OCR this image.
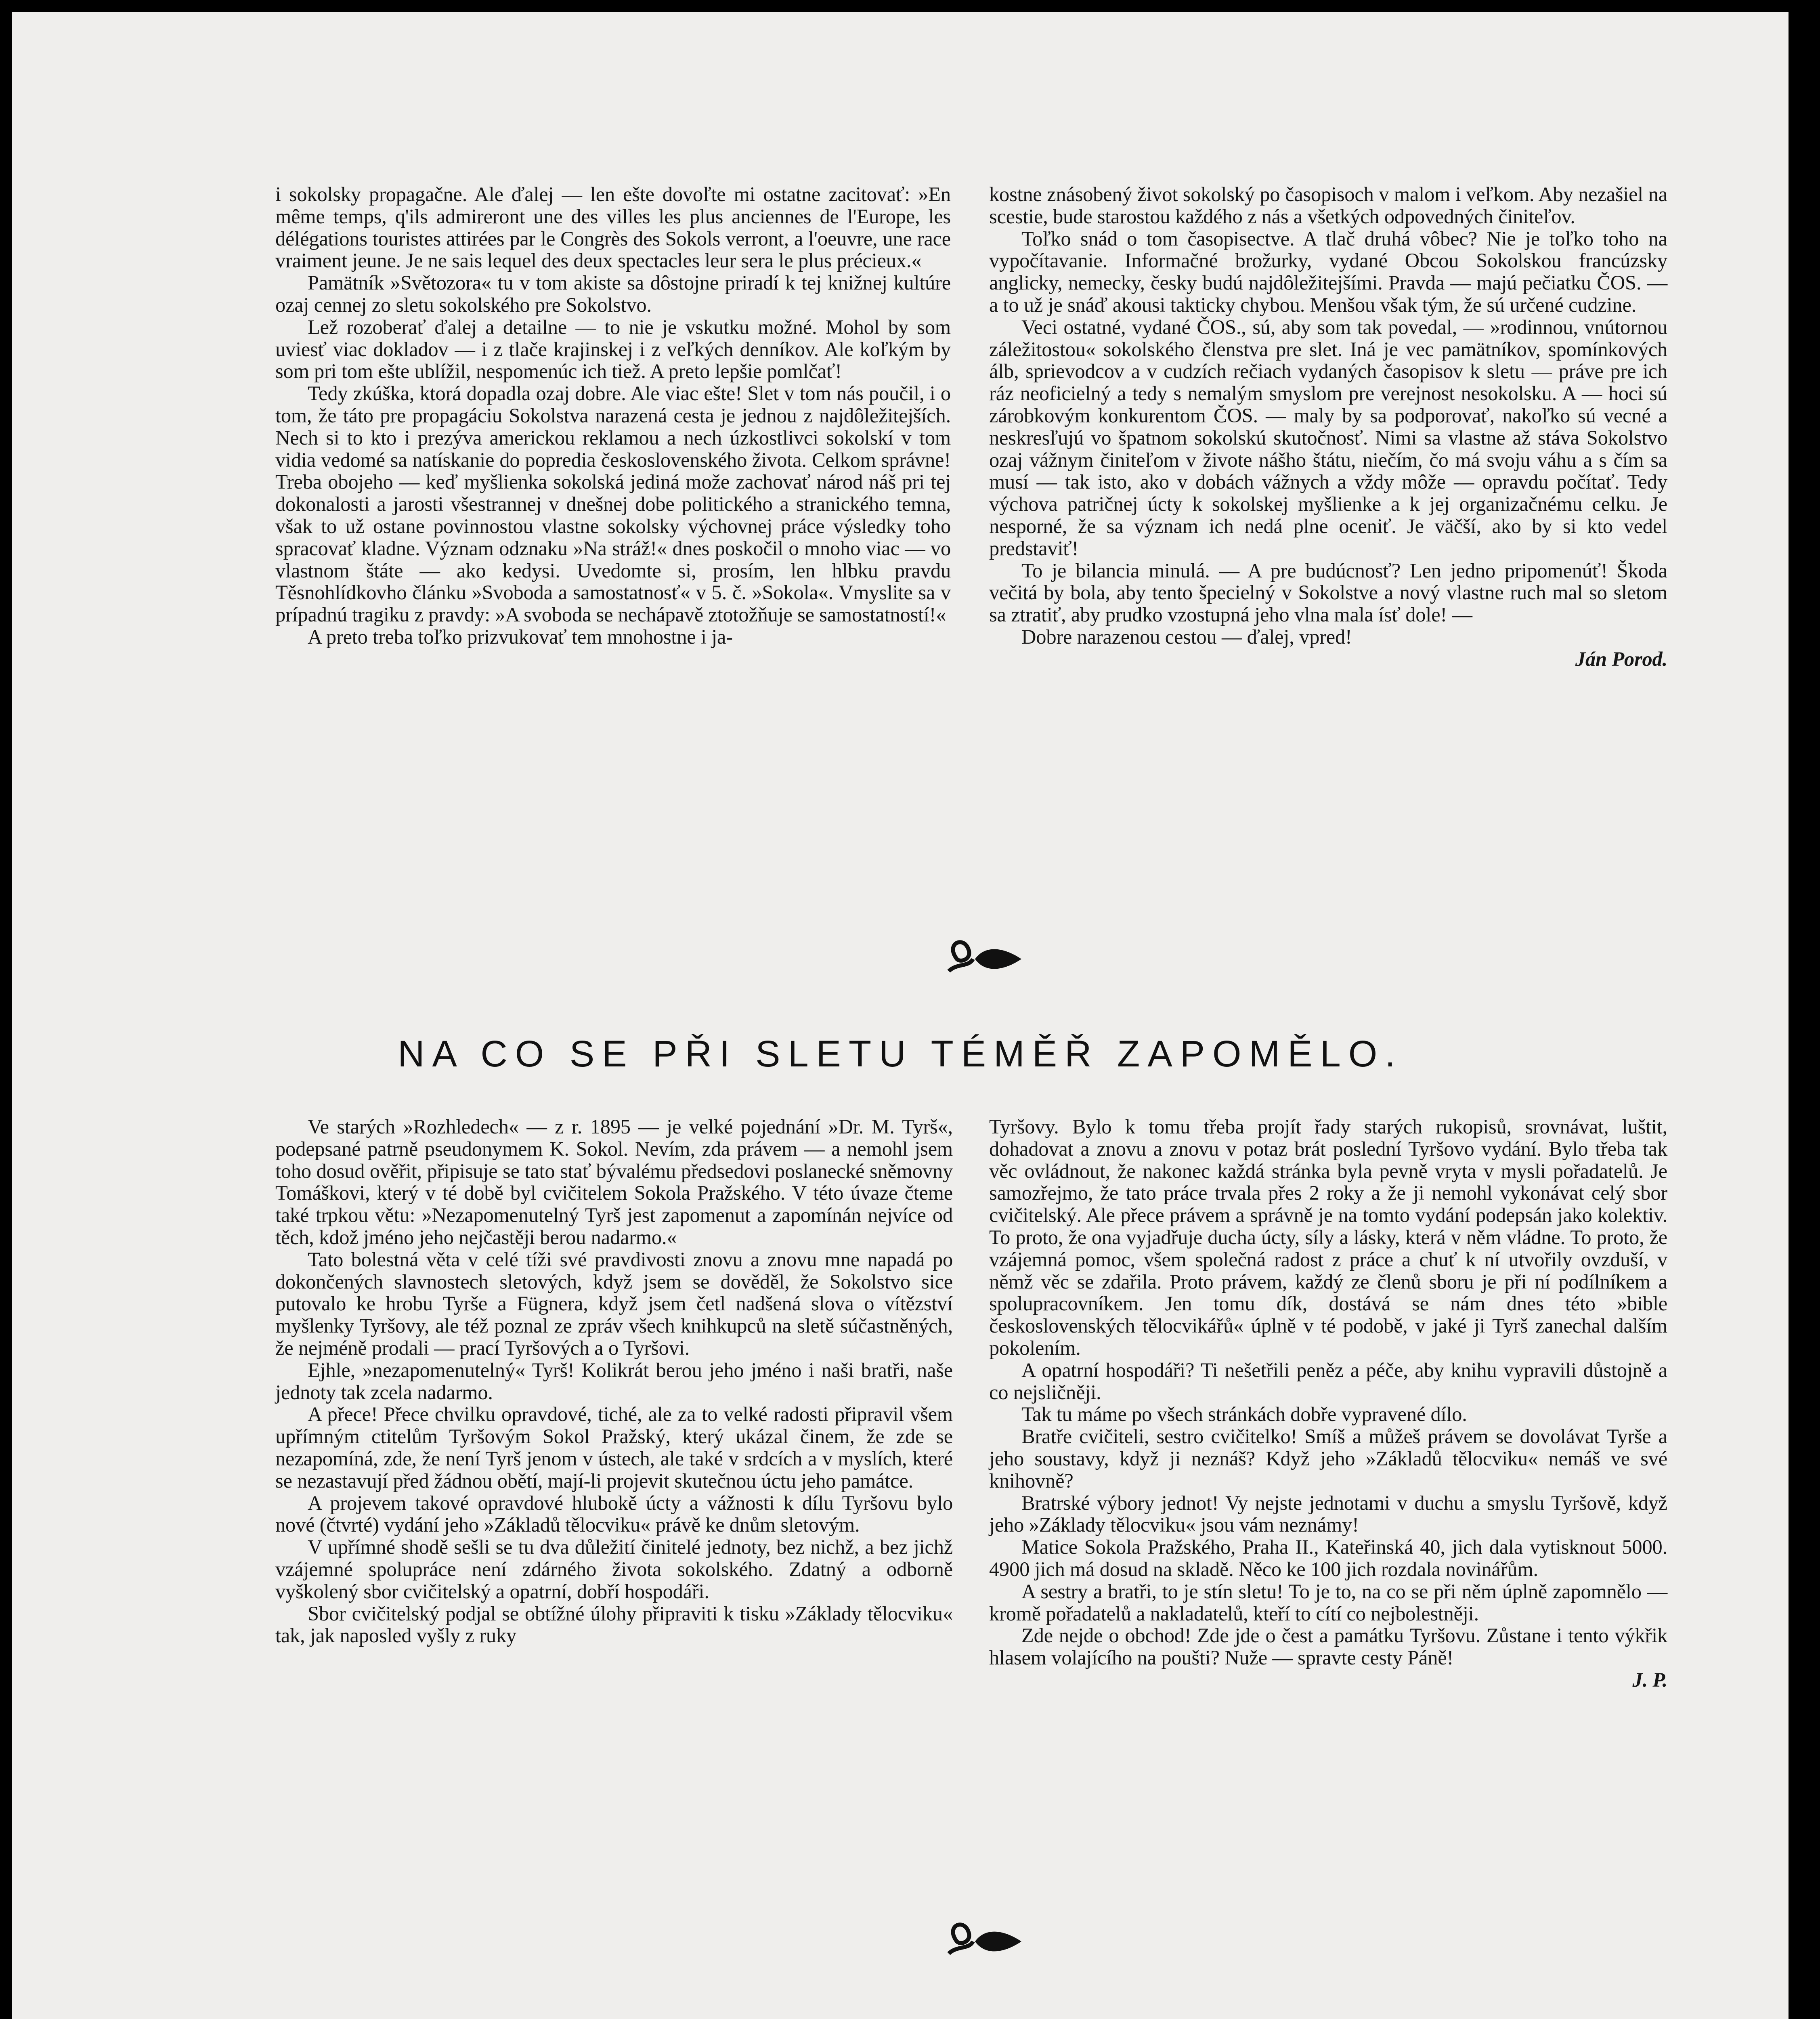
i sokolsky propagačne. Ale ďalej — len ešte dovoľte mi ostatne zacitovať: »En même temps, q'ils admireront une des villes les plus anciennes de l'Europe, les délégations touristes attirées par le Congrès des Sokols verront, a l'oeuvre, une race vraiment jeune. Je ne sais lequel des deux spectacles leur sera le plus précieux.«

Pamätník »Světozora« tu v tom akiste sa dôstojne priradí k tej knižnej kultúre ozaj cennej zo sletu sokolského pre Sokolstvo.

Lež rozoberať ďalej a detailne — to nie je vskutku možné. Mohol by som uviesť viac dokladov — i z tlače krajinskej i z veľkých denníkov. Ale koľkým by som pri tom ešte ublížil, nespomenúc ich tiež. A preto lepšie pomlčať!

Tedy zkúška, ktorá dopadla ozaj dobre. Ale viac ešte! Slet v tom nás poučil, i o tom, že táto pre propagáciu Sokolstva narazená cesta je jednou z najdôležitejších. Nech si to kto i prezýva americkou reklamou a nech úzkostlivci sokolskí v tom vidia vedomé sa natískanie do popredia československého života. Celkom správne! Treba obojeho — keď myšlienka sokolská jediná može zachovať národ náš pri tej dokonalosti a jarosti všestrannej v dnešnej dobe politického a stranického temna, však to už ostane povinnostou vlastne sokolsky výchovnej práce výsledky toho spracovať kladne. Význam odznaku »Na stráž!« dnes poskočil o mnoho viac — vo vlastnom štáte — ako kedysi. Uvedomte si, prosím, len hlbku pravdu Těsnohlídkovho článku »Svoboda a samostatnosť« v 5. č. »Sokola«. Vmyslite sa v prípadnú tragiku z pravdy: »A svoboda se nechápavě ztotožňuje se samostatností!«

A preto treba toľko prizvukovať tem mnohostne i ja-

kostne znásobený život sokolský po časopisoch v malom i veľkom. Aby nezašiel na scestie, bude starostou každého z nás a všetkých odpovedných činiteľov.

Toľko snád o tom časopisectve. A tlač druhá vôbec? Nie je toľko toho na vypočítavanie. Informačné brožurky, vydané Obcou Sokolskou francúzsky anglicky, nemecky, česky budú najdôležitejšími. Pravda — majú pečiatku ČOS. — a to už je snáď akousi takticky chybou. Menšou však tým, že sú určené cudzine.

Veci ostatné, vydané ČOS., sú, aby som tak povedal, — »rodinnou, vnútornou záležitostou« sokolského členstva pre slet. Iná je vec pamätníkov, spomínkových álb, sprievodcov a v cudzích rečiach vydaných časopisov k sletu — práve pre ich ráz neoficielný a tedy s nemalým smyslom pre verejnost nesokolsku. A — hoci sú zárobkovým konkurentom ČOS. — maly by sa podporovať, nakoľko sú vecné a neskresľujú vo špatnom sokolskú skutočnosť. Nimi sa vlastne až stáva Sokolstvo ozaj vážnym činiteľom v živote nášho štátu, niečím, čo má svoju váhu a s čím sa musí — tak isto, ako v dobách vážnych a vždy môže — opravdu počítať. Tedy výchova patričnej úcty k sokolskej myšlienke a k jej organizačnému celku. Je nesporné, že sa význam ich nedá plne oceniť. Je väčší, ako by si kto vedel predstaviť!

To je bilancia minulá. — A pre budúcnosť? Len jedno pripomenúť! Škoda večitá by bola, aby tento špecielný v Sokolstve a nový vlastne ruch mal so sletom sa ztratiť, aby prudko vzostupná jeho vlna mala ísť dole! —

Dobre narazenou cestou — ďalej, vpred!

Ján Porod.

NA CO SE PŘI SLETU TÉMĚŘ ZAPOMĚLO.

Ve starých »Rozhledech« — z r. 1895 — je velké pojednání »Dr. M. Tyrš«, podepsané patrně pseudonymem K. Sokol. Nevím, zda právem — a nemohl jsem toho dosud ověřit, připisuje se tato stať bývalému předsedovi poslanecké sněmovny Tomáškovi, který v té době byl cvičitelem Sokola Pražského. V této úvaze čteme také trpkou větu: »Nezapomenutelný Tyrš jest zapomenut a zapomínán nejvíce od těch, kdož jméno jeho nejčastěji berou nadarmo.«

Tato bolestná věta v celé tíži své pravdivosti znovu a znovu mne napadá po dokončených slavnostech sletových, když jsem se dověděl, že Sokolstvo sice putovalo ke hrobu Tyrše a Fügnera, když jsem četl nadšená slova o vítězství myšlenky Tyršovy, ale též poznal ze zpráv všech knihkupců na sletě súčastněných, že nejméně prodali — prací Tyršových a o Tyršovi.

Ejhle, »nezapomenutelný« Tyrš! Kolikrát berou jeho jméno i naši bratři, naše jednoty tak zcela nadarmo.

A přece! Přece chvilku opravdové, tiché, ale za to velké radosti připravil všem upřímným ctitelům Tyršovým Sokol Pražský, který ukázal činem, že zde se nezapomíná, zde, že není Tyrš jenom v ústech, ale také v srdcích a v myslích, které se nezastavují před žádnou obětí, mají-li projevit skutečnou úctu jeho památce.

A projevem takové opravdové hlubokě úcty a vážnosti k dílu Tyršovu bylo nové (čtvrté) vydání jeho »Základů tělocviku« právě ke dnům sletovým.

V upřímné shodě sešli se tu dva důležití činitelé jednoty, bez nichž, a bez jichž vzájemné spolupráce není zdárného života sokolského. Zdatný a odborně vyškolený sbor cvičitelský a opatrní, dobří hospodáři.

Sbor cvičitelský podjal se obtížné úlohy připraviti k tisku »Základy tělocviku« tak, jak naposled vyšly z ruky

Tyršovy. Bylo k tomu třeba projít řady starých rukopisů, srovnávat, luštit, dohadovat a znovu a znovu v potaz brát poslední Tyršovo vydání. Bylo třeba tak věc ovládnout, že nakonec každá stránka byla pevně vryta v mysli pořadatelů. Je samozřejmo, že tato práce trvala přes 2 roky a že ji nemohl vykonávat celý sbor cvičitelský. Ale přece právem a správně je na tomto vydání podepsán jako kolektiv. To proto, že ona vyjadřuje ducha úcty, síly a lásky, která v něm vládne. To proto, že vzájemná pomoc, všem společná radost z práce a chuť k ní utvořily ovzduší, v němž věc se zdařila. Proto právem, každý ze členů sboru je při ní podílníkem a spolupracovníkem. Jen tomu dík, dostává se nám dnes této »bible československých tělocvikářů« úplně v té podobě, v jaké ji Tyrš zanechal dalším pokolením.

A opatrní hospodáři? Ti nešetřili peněz a péče, aby knihu vypravili důstojně a co nejsličněji.

Tak tu máme po všech stránkách dobře vypravené dílo.

Bratře cvičiteli, sestro cvičitelko! Smíš a můžeš právem se dovolávat Tyrše a jeho soustavy, když ji neznáš? Když jeho »Základů tělocviku« nemáš ve své knihovně?

Bratrské výbory jednot! Vy nejste jednotami v duchu a smyslu Tyršově, když jeho »Základy tělocviku« jsou vám neznámy!

Matice Sokola Pražského, Praha II., Kateřinská 40, jich dala vytisknout 5000. 4900 jich má dosud na skladě. Něco ke 100 jich rozdala novinářům.

A sestry a bratři, to je stín sletu! To je to, na co se při něm úplně zapomnělo — kromě pořadatelů a nakladatelů, kteří to cítí co nejbolestněji.

Zde nejde o obchod! Zde jde o čest a památku Tyršovu. Zůstane i tento výkřik hlasem volajícího na poušti? Nuže — spravte cesty Páně!

J. P.
